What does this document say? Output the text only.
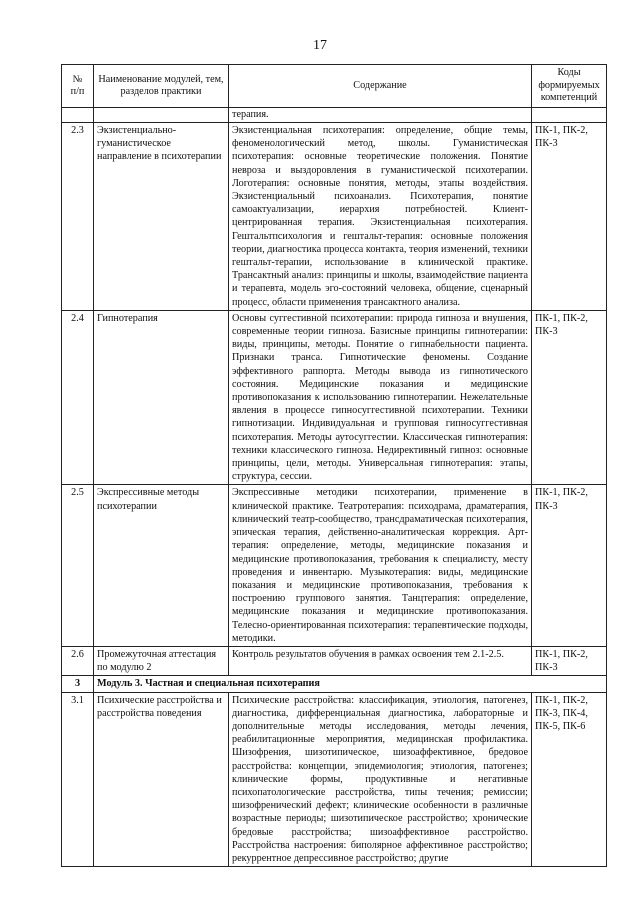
17
№
п/п	Наименование модулей, тем, разделов практики	Содержание	Коды формируемых компетенций
		терапия.	
2.3	Экзистенциально-гуманистическое направление в психотерапии	Экзистенциальная психотерапия: определение, общие темы, феноменологический метод, школы. Гуманистическая психотерапия: основные теоретические положения. Понятие невроза и выздоровления в гуманистической психотерапии. Логотерапия: основные понятия, методы, этапы воздействия. Экзистенциальный психоанализ. Психотерапия, понятие самоактуализации, иерархия потребностей. Клиент-центрированная терапия. Экзистенциальная психотерапия. Гештальтпсихология и гештальт-терапия: основные положения теории, диагностика процесса контакта, теория изменений, техники гештальт-терапии, использование в клинической практике. Трансактный анализ: принципы и школы, взаимодействие пациента и терапевта, модель эго-состояний человека, общение, сценарный процесс, области применения трансактного анализа.	ПК-1, ПК-2, ПК-3
2.4	Гипнотерапия	Основы суггестивной психотерапии: природа гипноза и внушения, современные теории гипноза. Базисные принципы гипнотерапии: виды, принципы, методы. Понятие о гипнабельности пациента. Признаки транса. Гипнотические феномены. Создание эффективного раппорта. Методы вывода из гипнотического состояния. Медицинские показания и медицинские противопоказания к использованию гипнотерапии. Нежелательные явления в процессе гипносуггестивной психотерапии. Техники гипнотизации. Индивидуальная и групповая гипносуггестивная психотерапия. Методы аутосуггестии. Классическая гипнотерапия: техники классического гипноза. Недирективный гипноз: основные принципы, цели, методы. Универсальная гипнотерапия: этапы, структура, сессии.	ПК-1, ПК-2, ПК-3
2.5	Экспрессивные методы психотерапии	Экспрессивные методики психотерапии, применение в клинической практике. Театротерапия: психодрама, драматерапия, клинический театр-сообщество, трансдраматическая психотерапия, эпическая терапия, действенно-аналитическая коррекция. Арт-терапия: определение, методы, медицинские показания и медицинские противопоказания, требования к специалисту, месту проведения и инвентарю. Музыкотерапия: виды, медицинские показания и медицинские противопоказания, требования к построению группового занятия. Танцтерапия: определение, медицинские показания и медицинские противопоказания. Телесно-ориентированная психотерапия: терапевтические подходы, методики.	ПК-1, ПК-2, ПК-3
2.6	Промежуточная аттестация по модулю 2	Контроль результатов обучения в рамках освоения тем 2.1-2.5.	ПК-1, ПК-2, ПК-3
3	Модуль 3. Частная и специальная психотерапия		
3.1	Психические расстройства и расстройства поведения	Психические расстройства: классификация, этиология, патогенез, диагностика, дифференциальная диагностика, лабораторные и дополнительные методы исследования, методы лечения, реабилитационные мероприятия, медицинская профилактика. Шизофрения, шизотипическое, шизоаффективное, бредовое расстройства: концепции, эпидемиология; этиология, патогенез; клинические формы, продуктивные и негативные психопатологические расстройства, типы течения; ремиссии; шизофренический дефект; клинические особенности в различные возрастные периоды; шизотипическое расстройство; хронические бредовые расстройства; шизоаффективное расстройство. Расстройства настроения: биполярное аффективное расстройство; рекуррентное депрессивное расстройство; другие	ПК-1, ПК-2, ПК-3, ПК-4, ПК-5, ПК-6
